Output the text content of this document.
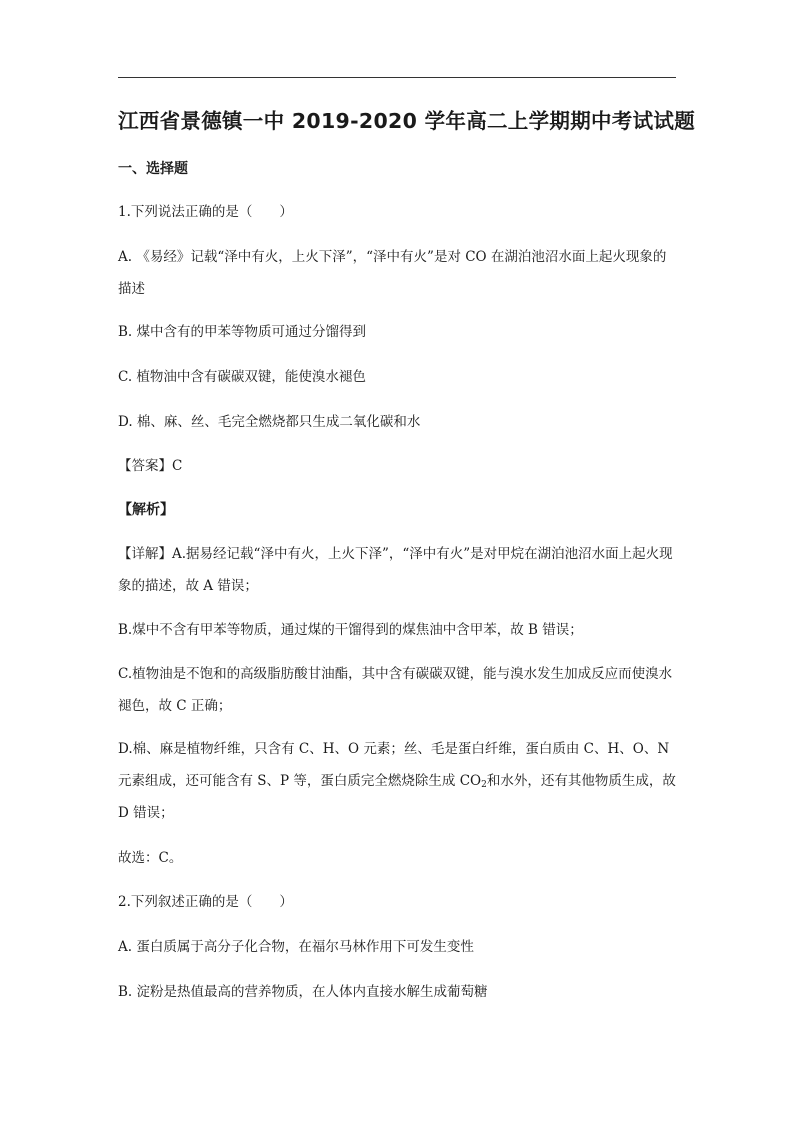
江西省景德镇一中 2019-2020 学年高二上学期期中考试试题

一、选择题

1.下列说法正确的是（　　）

A. 《易经》记载“泽中有火，上火下泽”，“泽中有火”是对 CO 在湖泊池沼水面上起火现象的描述

B. 煤中含有的甲苯等物质可通过分馏得到

C. 植物油中含有碳碳双键，能使溴水褪色

D. 棉、麻、丝、毛完全燃烧都只生成二氧化碳和水

【答案】C

【解析】

【详解】A.据易经记载“泽中有火，上火下泽”，“泽中有火”是对甲烷在湖泊池沼水面上起火现象的描述，故 A 错误；

B.煤中不含有甲苯等物质，通过煤的干馏得到的煤焦油中含甲苯，故 B 错误；

C.植物油是不饱和的高级脂肪酸甘油酯，其中含有碳碳双键，能与溴水发生加成反应而使溴水褪色，故 C 正确；

D.棉、麻是植物纤维，只含有 C、H、O 元素；丝、毛是蛋白纤维，蛋白质由 C、H、O、N 元素组成，还可能含有 S、P 等，蛋白质完全燃烧除生成 $CO_2$和水外，还有其他物质生成，故 D 错误；

故选：C。

2.下列叙述正确的是（　　）

A. 蛋白质属于高分子化合物，在福尔马林作用下可发生变性

B. 淀粉是热值最高的营养物质，在人体内直接水解生成葡萄糖
